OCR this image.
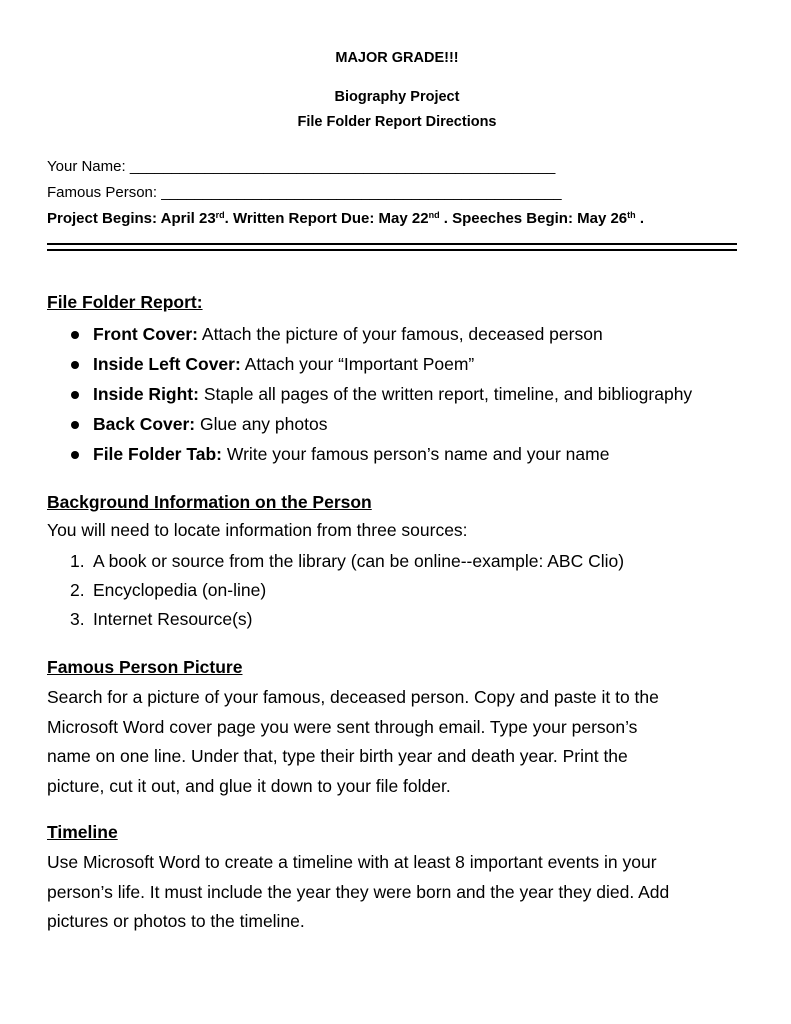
MAJOR GRADE!!!
Biography Project
File Folder Report Directions
Your Name: ___________________________________________________
Famous Person: ________________________________________________
Project Begins: April 23rd. Written Report Due: May 22nd . Speeches Begin: May 26th .
File Folder Report:
Front Cover: Attach the picture of your famous, deceased person
Inside Left Cover: Attach your “Important Poem”
Inside Right: Staple all pages of the written report, timeline, and bibliography
Back Cover: Glue any photos
File Folder Tab: Write your famous person’s name and your name
Background Information on the Person
You will need to locate information from three sources:
1. A book or source from the library (can be online--example: ABC Clio)
2. Encyclopedia (on-line)
3. Internet Resource(s)
Famous Person Picture
Search for a picture of your famous, deceased person. Copy and paste it to the
Microsoft Word cover page you were sent through email. Type your person’s
name on one line. Under that, type their birth year and death year. Print the
picture, cut it out, and glue it down to your file folder.
Timeline
Use Microsoft Word to create a timeline with at least 8 important events in your
person’s life. It must include the year they were born and the year they died. Add
pictures or photos to the timeline.
